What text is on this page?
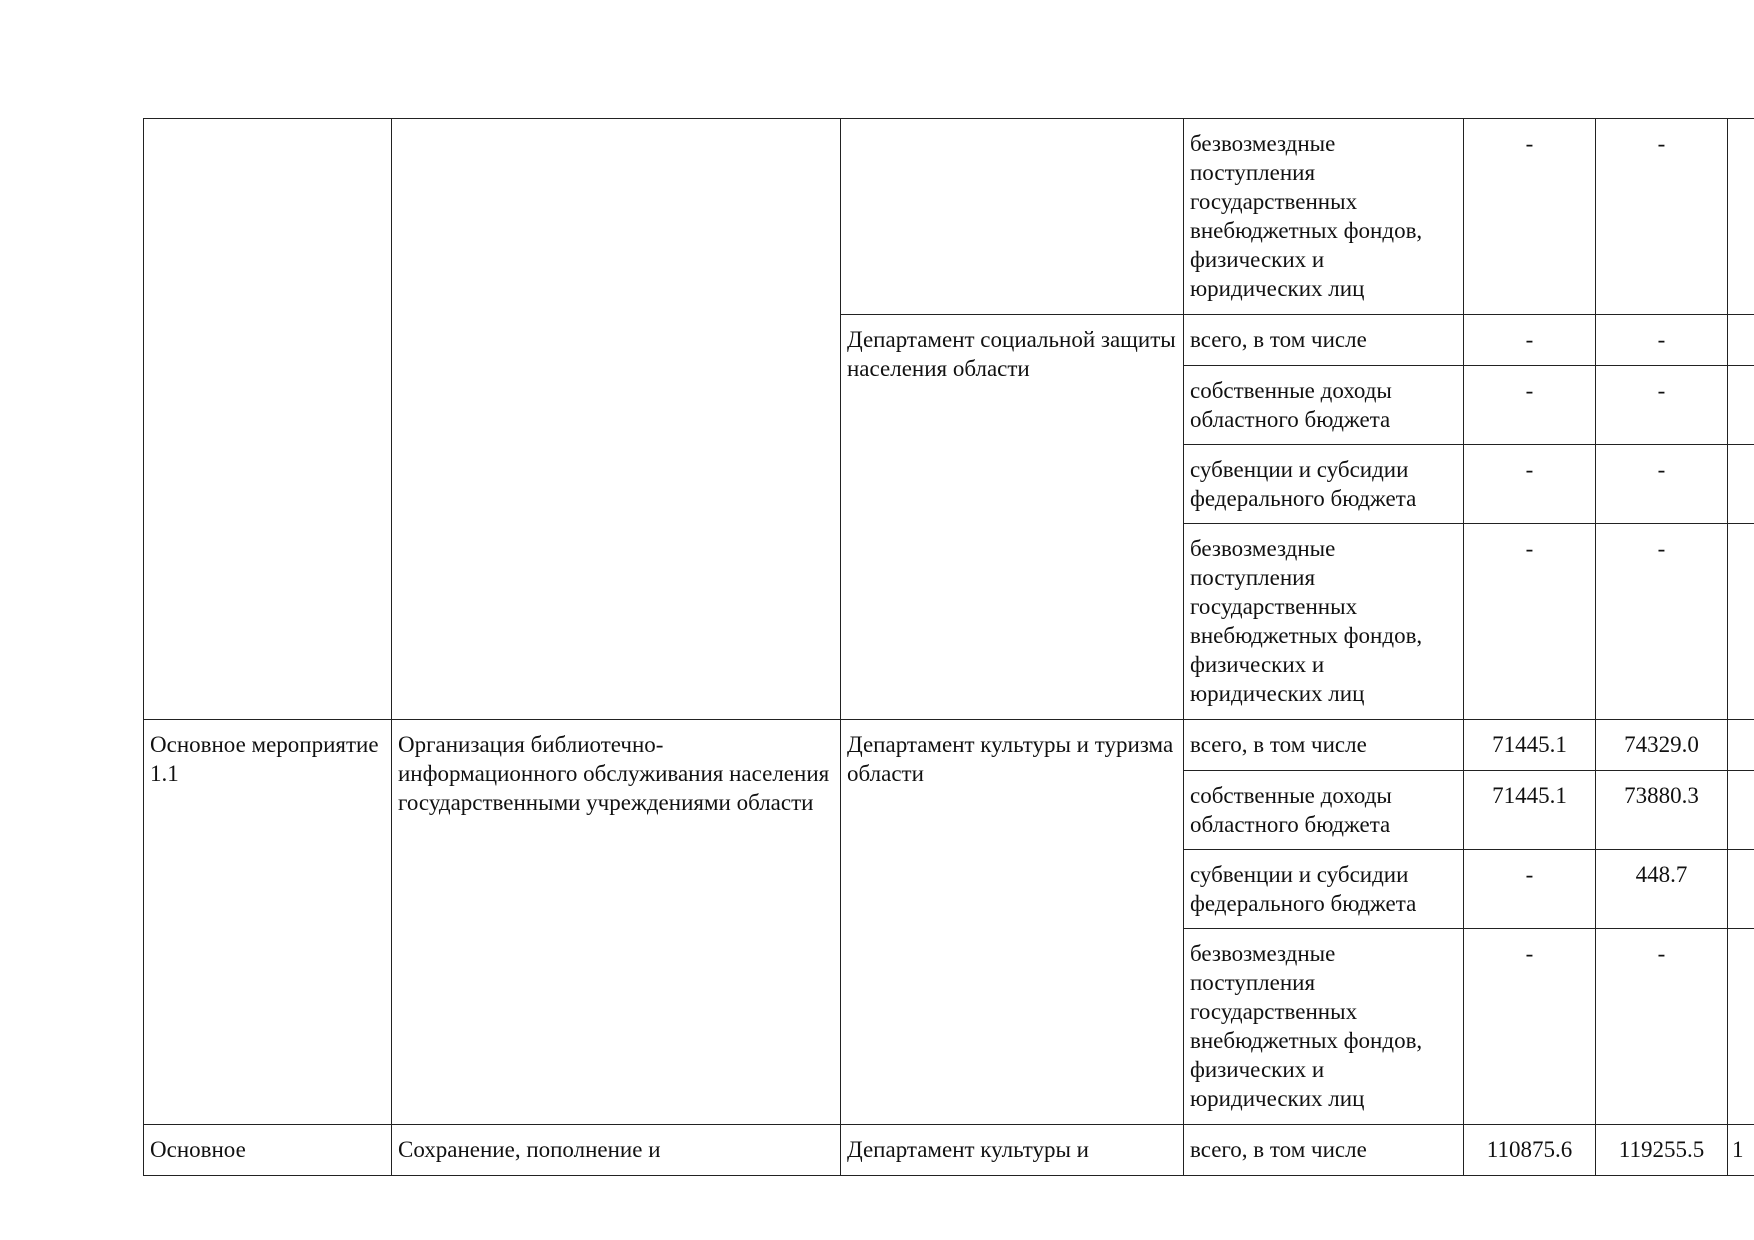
			безвозмездные поступления государственных внебюджетных фондов, физических и юридических лиц	-	-	
		Департамент социальной защиты населения области	всего, в том числе	-	-	
			собственные доходы областного бюджета	-	-	
			субвенции и субсидии федерального бюджета	-	-	
			безвозмездные поступления государственных внебюджетных фондов, физических и юридических лиц	-	-	
Основное мероприятие 1.1	Организация библиотечно-информационного обслуживания населения государственными учреждениями области	Департамент культуры и туризма области	всего, в том числе	71445.1	74329.0	
			собственные доходы областного бюджета	71445.1	73880.3	
			субвенции и субсидии федерального бюджета	-	448.7	
			безвозмездные поступления государственных внебюджетных фондов, физических и юридических лиц	-	-	
Основное	Сохранение, пополнение и	Департамент культуры и	всего, в том числе	110875.6	119255.5	1
